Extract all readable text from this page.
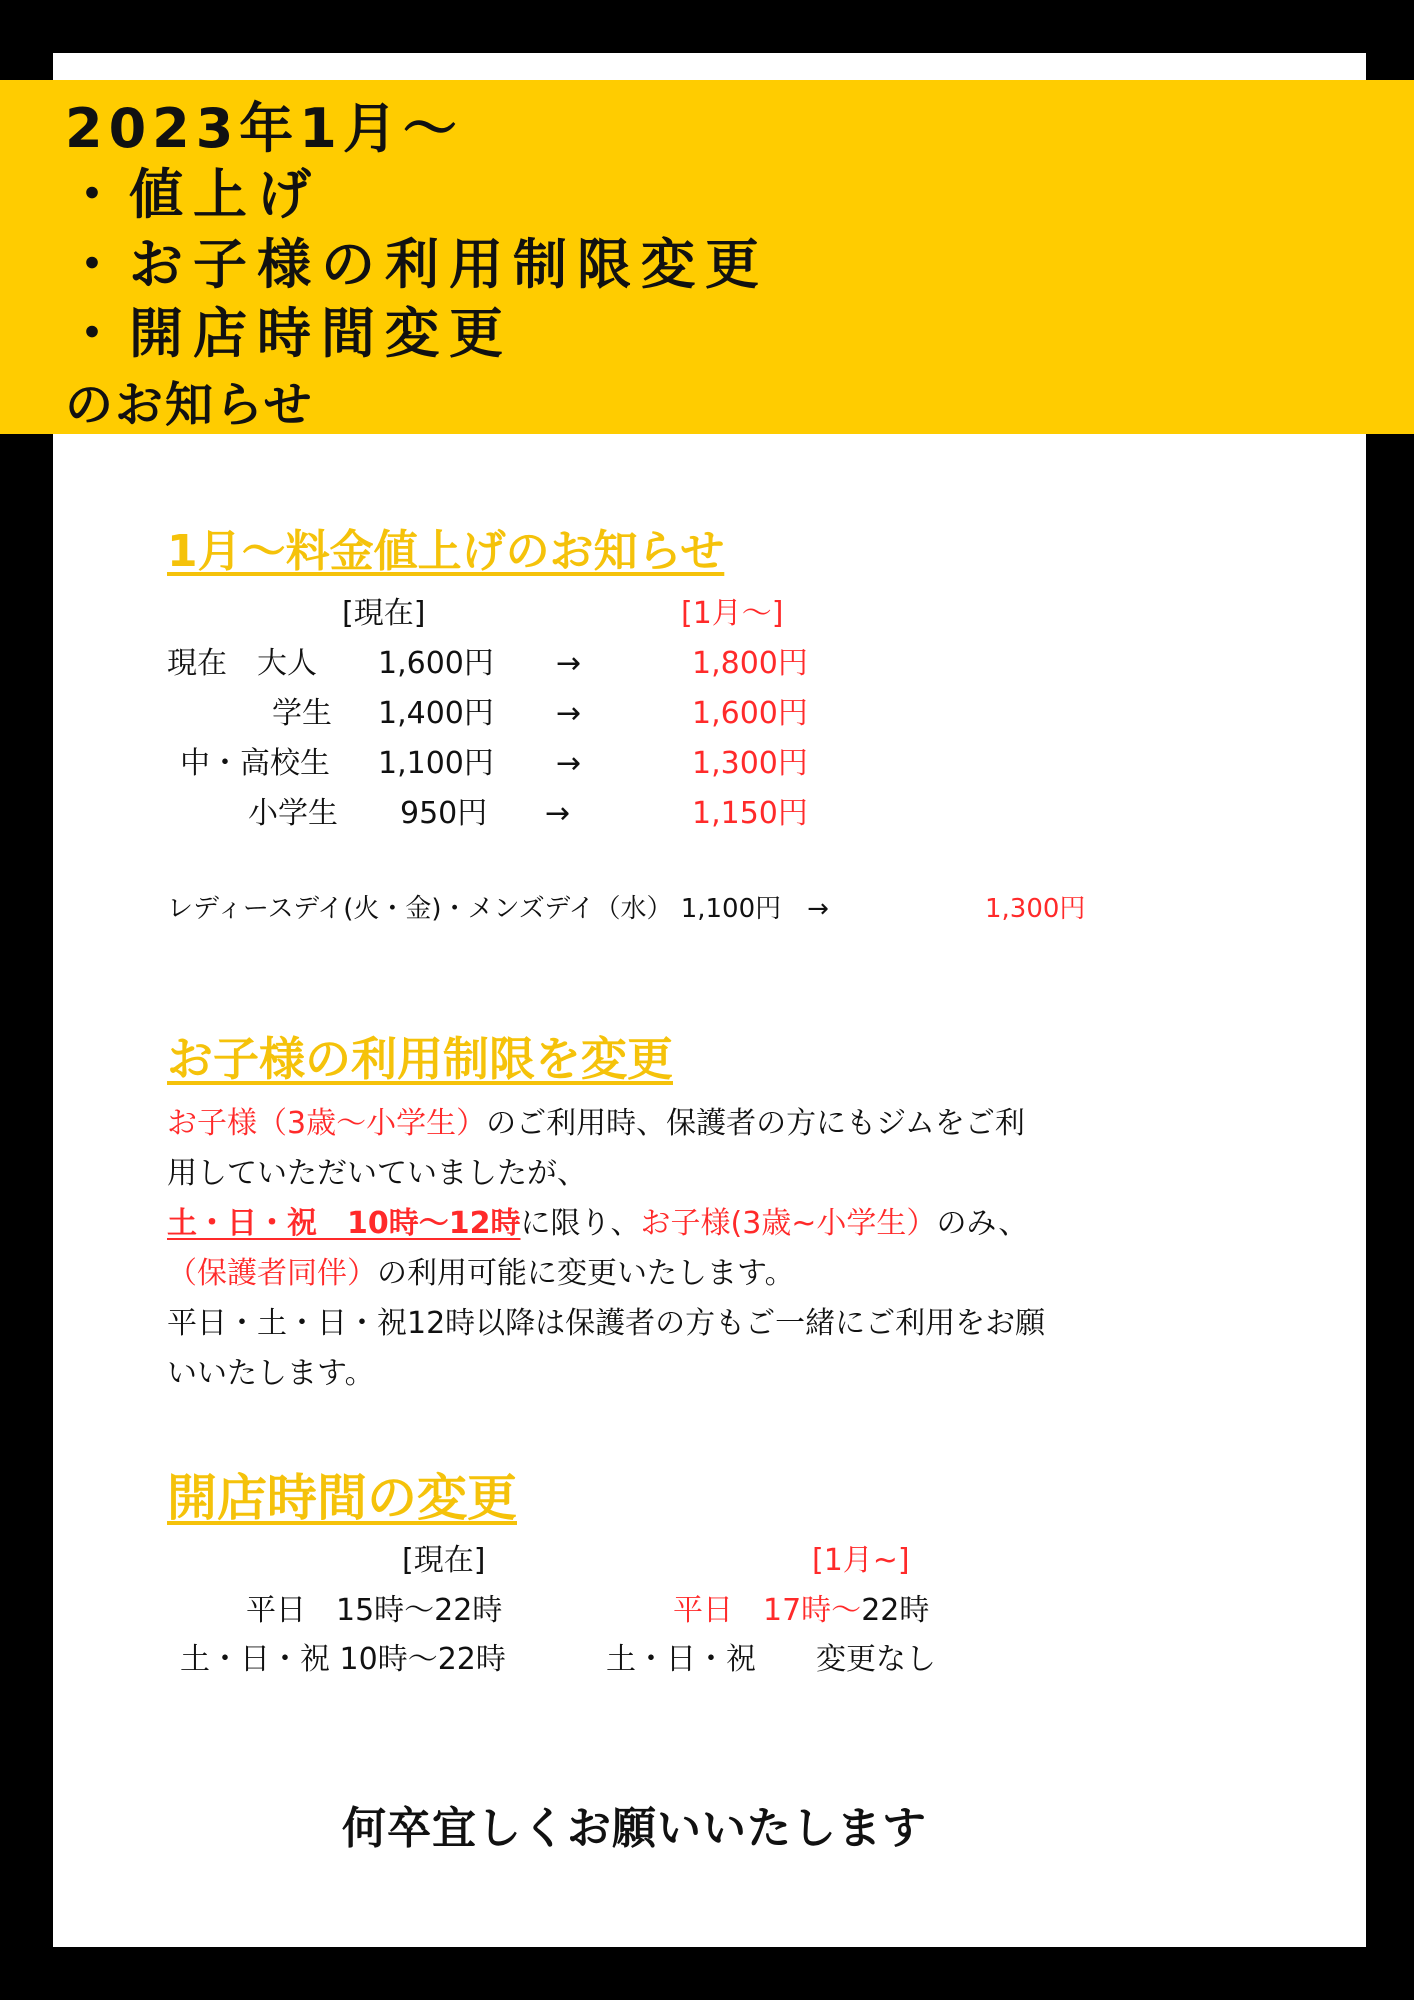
2023年1月～
・値上げ
・お子様の利用制限変更
・開店時間変更
のお知らせ
1月～料金値上げのお知らせ
[現在]	[1月～]
現在　大人 1,600円 →	1,800円
学生 1,400円 →	1,600円
中・高校生 1,100円 →	1,300円
小学生 950円 →	1,150円
レディースデイ(火・金)・メンズデイ（水） 1,100円　→	1,300円
お子様の利用制限を変更
お子様（3歳～小学生）のご利用時、保護者の方にもジムをご利
用していただいていましたが、
土・日・祝　10時～12時に限り、お子様(3歳~小学生）のみ、
（保護者同伴）の利用可能に変更いたします。
平日・土・日・祝12時以降は保護者の方もご一緒にご利用をお願
いいたします。
開店時間の変更
[現在]	[1月~]
平日　15時～22時	平日　17時～22時
土・日・祝 10時～22時	土・日・祝　　変更なし
何卒宜しくお願いいたします
